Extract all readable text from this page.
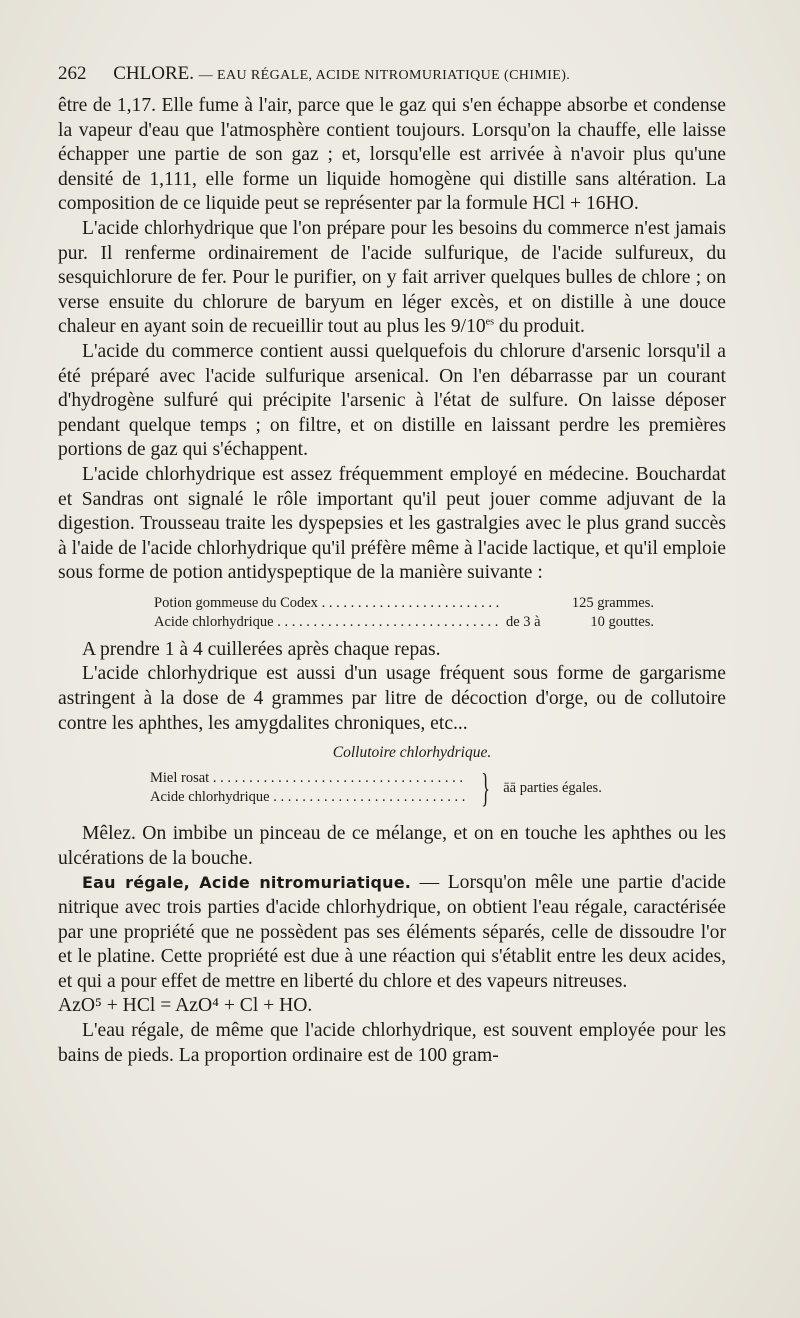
262 CHLORE. — EAU RÉGALE, ACIDE NITROMURIATIQUE (CHIMIE).

être de 1,17. Elle fume à l'air, parce que le gaz qui s'en échappe absorbe et condense la vapeur d'eau que l'atmosphère contient toujours. Lorsqu'on la chauffe, elle laisse échapper une partie de son gaz ; et, lorsqu'elle est arrivée à n'avoir plus qu'une densité de 1,111, elle forme un liquide homogène qui distille sans altération. La composition de ce liquide peut se représenter par la formule HCl + 16HO.

L'acide chlorhydrique que l'on prépare pour les besoins du commerce n'est jamais pur. Il renferme ordinairement de l'acide sulfurique, de l'acide sulfureux, du sesquichlorure de fer. Pour le purifier, on y fait arriver quelques bulles de chlore ; on verse ensuite du chlorure de baryum en léger excès, et on distille à une douce chaleur en ayant soin de recueillir tout au plus les $9/10^{es}$ du produit.

L'acide du commerce contient aussi quelquefois du chlorure d'arsenic lorsqu'il a été préparé avec l'acide sulfurique arsenical. On l'en débarrasse par un courant d'hydrogène sulfuré qui précipite l'arsenic à l'état de sulfure. On laisse déposer pendant quelque temps ; on filtre, et on distille en laissant perdre les premières portions de gaz qui s'échappent.

L'acide chlorhydrique est assez fréquemment employé en médecine. Bouchardat et Sandras ont signalé le rôle important qu'il peut jouer comme adjuvant de la digestion. Trousseau traite les dyspepsies et les gastralgies avec le plus grand succès à l'aide de l'acide chlorhydrique qu'il préfère même à l'acide lactique, et qu'il emploie sous forme de potion antidyspeptique de la manière suivante :

Potion gommeuse du Codex . . .	125 grammes.
Acide chlorhydrique . . .	de 3 à	10 gouttes.

A prendre 1 à 4 cuillerées après chaque repas.

L'acide chlorhydrique est aussi d'un usage fréquent sous forme de gargarisme astringent à la dose de 4 grammes par litre de décoction d'orge, ou de collutoire contre les aphthes, les amygdalites chroniques, etc...

Collutoire chlorhydrique.
Miel rosat . . .
Acide chlorhydrique . . .	} āā parties égales.

Mêlez. On imbibe un pinceau de ce mélange, et on en touche les aphthes ou les ulcérations de la bouche.

Eau régale, Acide nitromuriatique. — Lorsqu'on mêle une partie d'acide nitrique avec trois parties d'acide chlorhydrique, on obtient l'eau régale, caractérisée par une propriété que ne possèdent pas ses éléments séparés, celle de dissoudre l'or et le platine. Cette propriété est due à une réaction qui s'établit entre les deux acides, et qui a pour effet de mettre en liberté du chlore et des vapeurs nitreuses.

AzO⁵ + HCl = AzO⁴ + Cl + HO.

L'eau régale, de même que l'acide chlorhydrique, est souvent employée pour les bains de pieds. La proportion ordinaire est de 100 gram-
